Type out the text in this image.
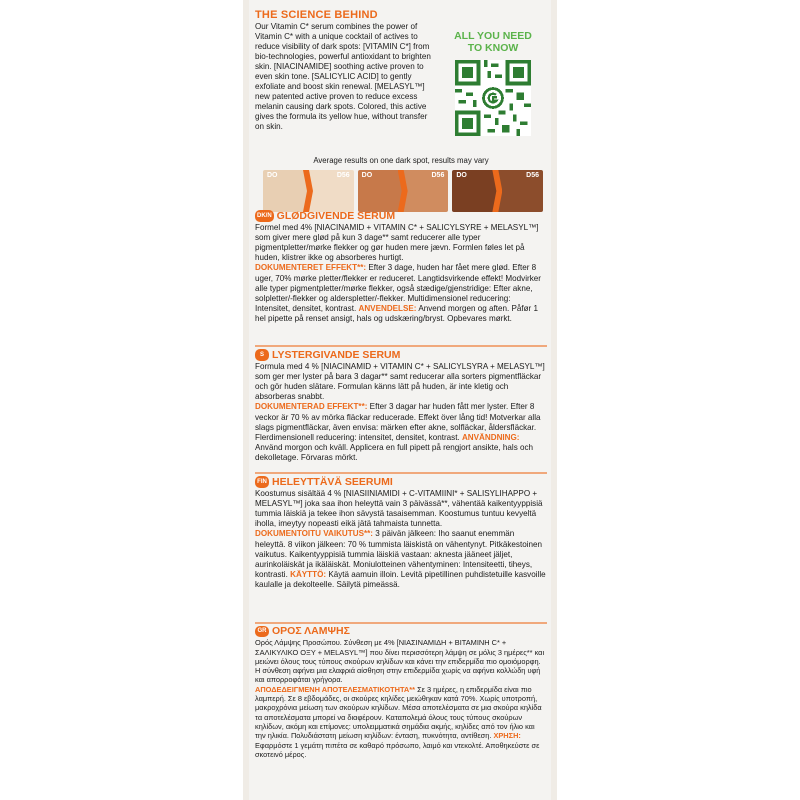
THE SCIENCE BEHIND

Our Vitamin C* serum combines the power of Vitamin C* with a unique cocktail of actives to reduce visibility of dark spots: [VITAMIN C*] from bio-technologies, powerful antioxidant to brighten skin. [NIACINAMIDE] soothing active proven to even skin tone. [SALICYLIC ACID] to gently exfoliate and boost skin renewal. [MELASYL™] new patented active proven to reduce excess melanin causing dark spots. Colored, this active gives the formula its yellow hue, without transfer on skin.

ALL YOU NEED
TO KNOW
Average results on one dark spot, results may vary
DO	D56 DO	D56 DO	D56
DK/N GLØDGIVENDE SERUM

Formel med 4% [NIACINAMID + VITAMIN C* + SALICYLSYRE + MELASYL™] som giver mere glød på kun 3 dage** samt reducerer alle typer pigmentpletter/mørke flekker og gør huden mere jævn. Formlen føles let på huden, klistrer ikke og absorberes hurtigt.

DOKUMENTERET EFFEKT**: Efter 3 dage, huden har fået mere glød. Efter 8 uger, 70% mørke pletter/flekker er reduceret. Langtidsvirkende effekt! Modvirker alle typer pigmentpletter/mørke flekker, også stædige/gjenstridige: Efter akne, solpletter/-flekker og alderspletter/-flekker. Multidimensionel reducering: Intensitet, densitet, kontrast. ANVENDELSE: Anvend morgen og aften. Påfør 1 hel pipette på renset ansigt, hals og udskæring/bryst. Opbevares mørkt.

S LYSTERGIVANDE SERUM

Formula med 4 % [NIACINAMID + VITAMIN C* + SALICYLSYRA + MELASYL™] som ger mer lyster på bara 3 dagar** samt reducerar alla sorters pigmentfläckar och gör huden slätare. Formulan känns lätt på huden, är inte kletig och absorberas snabbt.

DOKUMENTERAD EFFEKT**: Efter 3 dagar har huden fått mer lyster. Efter 8 veckor är 70 % av mörka fläckar reducerade. Effekt över lång tid! Motverkar alla slags pigmentfläckar, även envisa: märken efter akne, solfläckar, åldersfläckar. Flerdimensionell reducering: intensitet, densitet, kontrast. ANVÄNDNING: Använd morgon och kväll. Applicera en full pipett på rengjort ansikte, hals och dekolletage. Förvaras mörkt.

FIN HELEYTTÄVÄ SEERUMI

Koostumus sisältää 4 % [NIASIINIAMIDI + C-VITAMIINI* + SALISYLIHAPPO + MELASYL™] joka saa ihon heleyttä vain 3 päivässä**, vähentää kaikentyyppisiä tummia läiskiä ja tekee ihon sävystä tasaisemman. Koostumus tuntuu kevyeltä iholla, imeytyy nopeasti eikä jätä tahmaista tunnetta.

DOKUMENTOITU VAIKUTUS**: 3 päivän jälkeen: Iho saanut enemmän heleyttä. 8 viikon jälkeen: 70 % tummista läiskistä on vähentynyt. Pitkäkestoinen vaikutus. Kaikentyyppisiä tummia läiskiä vastaan: aknesta jääneet jäljet, aurinkoläiskät ja ikäläiskät. Moniulotteinen vähentyminen: Intensiteetti, tiheys, kontrasti. KÄYTTÖ: Käytä aamuin illoin. Levitä pipetillinen puhdistetuille kasvoille kaulalle ja dekolteelle. Säilytä pimeässä.

GR ΟΡΟΣ ΛΑΜΨΗΣ

Ορός Λάμψης Προσώπου. Σύνθεση με 4% [ΝΙΑΣΙΝΑΜΙΔΗ + ΒΙΤΑΜΙΝΗ C* + ΣΑΛΙΚΥΛΙΚΟ ΟΞΥ + MELASYL™] που δίνει περισσότερη λάμψη σε μόλις 3 ημέρες** και μειώνει όλους τους τύπους σκούρων κηλίδων και κάνει την επιδερμίδα πιο ομοιόμορφη. Η σύνθεση αφήνει μια ελαφριά αίσθηση στην επιδερμίδα χωρίς να αφήνει κολλώδη υφή και απορροφάται γρήγορα.

ΑΠΟΔΕΔΕΙΓΜΕΝΗ ΑΠΟΤΕΛΕΣΜΑΤΙΚΟΤΗΤΑ** Σε 3 ημέρες, η επιδερμίδα είναι πιο λαμπερή. Σε 8 εβδομάδες, οι σκούρες κηλίδες μειώθηκαν κατά 70%. Χωρίς υποτροπή, μακροχρόνια μείωση των σκούρων κηλίδων. Μέσα αποτελέσματα σε μια σκούρα κηλίδα τα αποτελέσματα μπορεί να διαφέρουν. Καταπολεμά όλους τους τύπους σκούρων κηλίδων, ακόμη και επίμονες: υπολειμματικά σημάδια ακμής, κηλίδες από τον ήλιο και την ηλικία. Πολυδιάστατη μείωση κηλίδων: ένταση, πυκνότητα, αντίθεση. ΧΡΗΣΗ: Εφαρμόστε 1 γεμάτη πιπέτα σε καθαρό πρόσωπο, λαιμό και ντεκολτέ. Αποθηκεύστε σε σκοτεινό μέρος.
